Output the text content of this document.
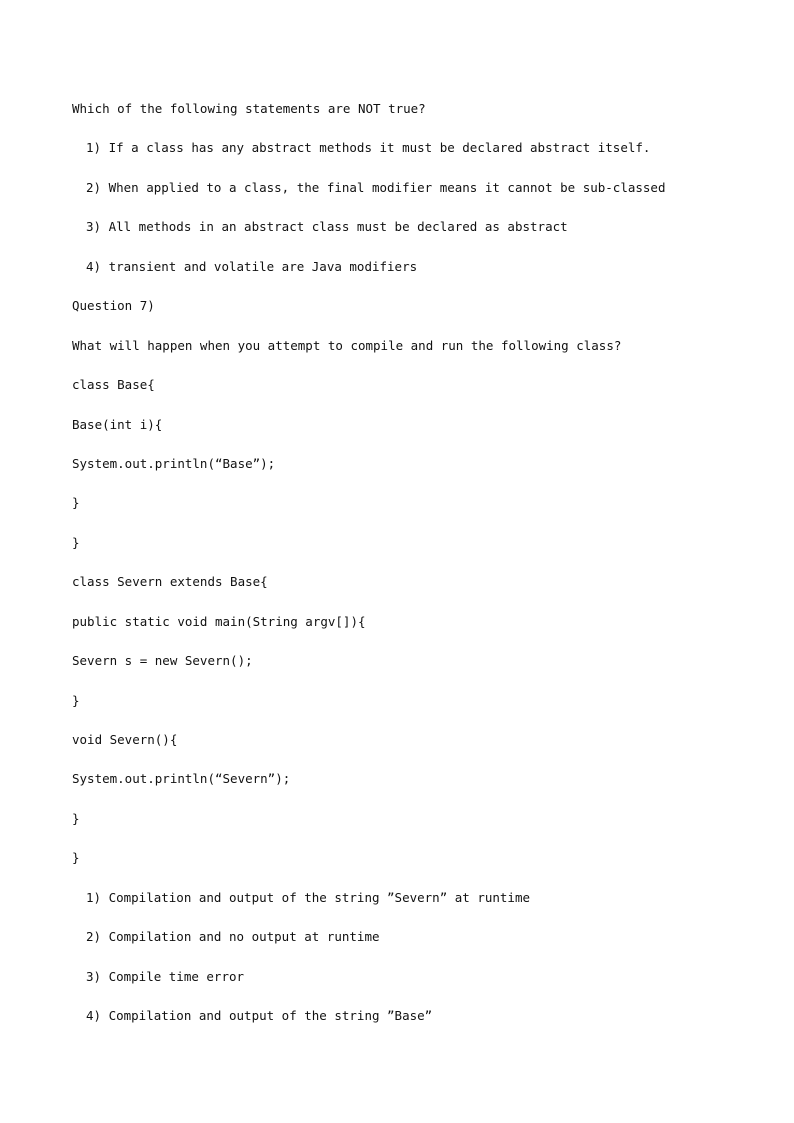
Which of the following statements are NOT true?
1) If a class has any abstract methods it must be declared abstract itself.
2) When applied to a class, the final modifier means it cannot be sub-classed
3) All methods in an abstract class must be declared as abstract
4) transient and volatile are Java modifiers
Question 7)
What will happen when you attempt to compile and run the following class?
class Base{
Base(int i){
System.out.println(“Base”);
}
}
class Severn extends Base{
public static void main(String argv[]){
Severn s = new Severn();
}
void Severn(){
System.out.println(“Severn”);
}
}
1) Compilation and output of the string ”Severn” at runtime
2) Compilation and no output at runtime
3) Compile time error
4) Compilation and output of the string ”Base”
